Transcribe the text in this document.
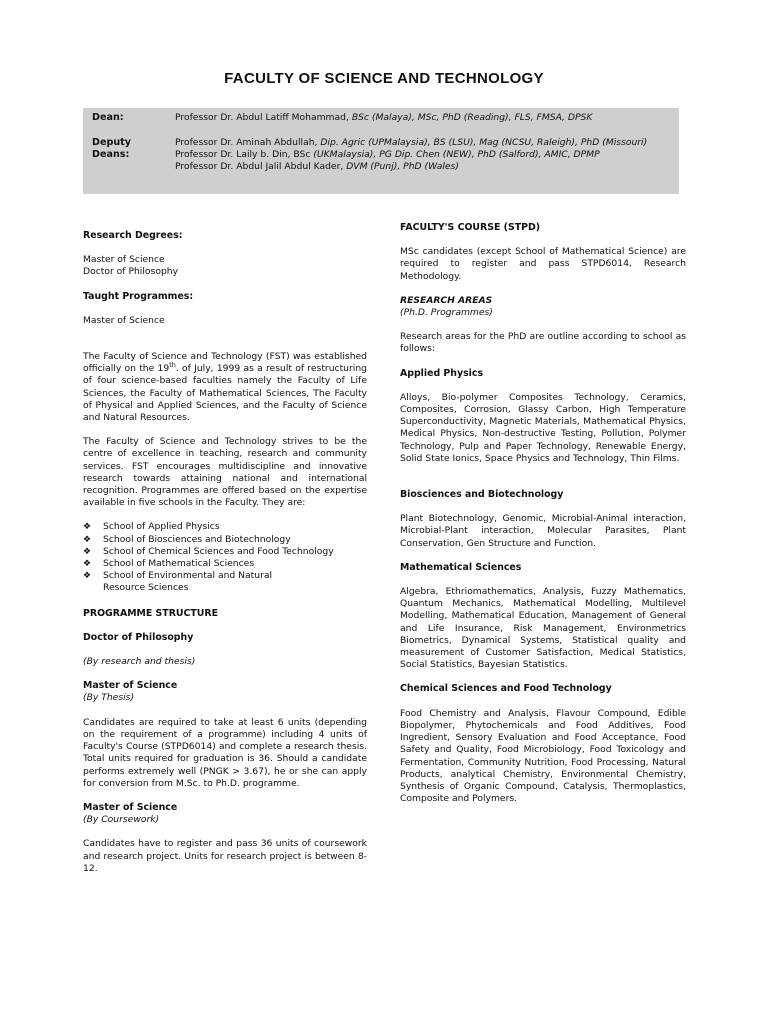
FACULTY OF SCIENCE AND TECHNOLOGY
Dean:	Professor Dr. Abdul Latiff Mohammad, BSc (Malaya), MSc, PhD (Reading), FLS, FMSA, DPSK
Deputy Deans:
Professor Dr. Aminah Abdullah, Dip. Agric (UPMalaysia), BS (LSU), Mag (NCSU, Raleigh), PhD (Missouri)
Professor Dr. Laily b. Din, BSc (UKMalaysia), PG Dip. Chen (NEW), PhD (Salford), AMIC, DPMP
Professor Dr. Abdul Jalil Abdul Kader, DVM (Punj), PhD (Wales)

Research Degrees:

Master of Science

Doctor of Philosophy

Taught Programmes:

Master of Science

The Faculty of Science and Technology (FST) was established officially on the 19th. of July, 1999 as a result of restructuring of four science-based faculties namely the Faculty of Life Sciences, the Faculty of Mathematical Sciences, The Faculty of Physical and Applied Sciences, and the Faculty of Science and Natural Resources.

The Faculty of Science and Technology strives to be the centre of excellence in teaching, research and community services. FST encourages multidiscipline and innovative research towards attaining national and international recognition. Programmes are offered based on the expertise available in five schools in the Faculty. They are:

❖ School of Applied Physics
❖ School of Biosciences and Biotechnology
❖ School of Chemical Sciences and Food Technology
❖ School of Mathematical Sciences
❖ School of Environmental and Natural Resource Sciences

PROGRAMME STRUCTURE

Doctor of Philosophy

(By research and thesis)

Master of Science

(By Thesis)

Candidates are required to take at least 6 units (depending on the requirement of a programme) including 4 units of Faculty's Course (STPD6014) and complete a research thesis. Total units required for graduation is 36. Should a candidate performs extremely well (PNGK > 3.67), he or she can apply for conversion from M.Sc. to Ph.D. programme.

Master of Science

(By Coursework)

Candidates have to register and pass 36 units of coursework and research project. Units for research project is between 8-12.

FACULTY'S COURSE (STPD)

MSc candidates (except School of Mathematical Science) are required to register and pass STPD6014, Research Methodology.

RESEARCH AREAS

(Ph.D. Programmes)

Research areas for the PhD are outline according to school as follows:

Applied Physics

Alloys, Bio-polymer Composites Technology, Ceramics, Composites, Corrosion, Glassy Carbon, High Temperature Superconductivity, Magnetic Materials, Mathematical Physics, Medical Physics, Non-destructive Testing, Pollution, Polymer Technology, Pulp and Paper Technology, Renewable Energy, Solid State Ionics, Space Physics and Technology, Thin Films.

Biosciences and Biotechnology

Plant Biotechnology, Genomic, Microbial-Animal interaction, Microbial-Plant interaction, Molecular Parasites, Plant Conservation, Gen Structure and Function.

Mathematical Sciences

Algebra, Ethriomathematics, Analysis, Fuzzy Mathematics, Quantum Mechanics, Mathematical Modelling, Multilevel Modelling, Mathematical Education, Management of General and Life Insurance, Risk Management, Environmetrics Biometrics, Dynamical Systems, Statistical quality and measurement of Customer Satisfaction, Medical Statistics, Social Statistics, Bayesian Statistics.

Chemical Sciences and Food Technology

Food Chemistry and Analysis, Flavour Compound, Edible Biopolymer, Phytochemicals and Food Additives, Food Ingredient, Sensory Evaluation and Food Acceptance, Food Safety and Quality, Food Microbiology, Food Toxicology and Fermentation, Community Nutrition, Food Processing, Natural Products, analytical Chemistry, Environmental Chemistry, Synthesis of Organic Compound, Catalysis, Thermoplastics, Composite and Polymers.
